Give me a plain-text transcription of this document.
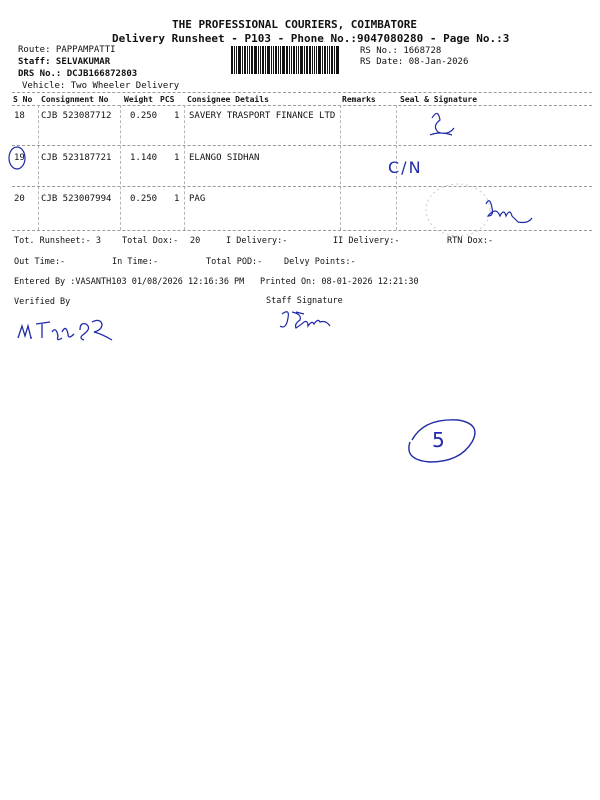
THE PROFESSIONAL COURIERS, COIMBATORE
Delivery Runsheet - P103 - Phone No.:9047080280 - Page No.:3
Route: PAPPAMPATTI
Staff: SELVAKUMAR
DRS No.: DCJB166872803
Vehicle: Two Wheeler Delivery
RS No.: 1668728
RS Date: 08-Jan-2026
S No Consignment No Weight PCS Consignee Details	Remarks	Seal & Signature
18 CJB 523087712 0.250 1 SAVERY TRASPORT FINANCE LTD
19 CJB 523187721 1.140 1 ELANGO SIDHAN
20 CJB 523007994 0.250 1 PAG
Tot. Runsheet:- 3 Total Dox:- 20	I Delivery:-	II Delivery:-	RTN Dox:-
Out Time:-	In Time:-	Total POD:-	Delvy Points:-
Entered By :VASANTH103 01/08/2026 12:16:36 PM Printed On: 08-01-2026 12:21:30
Verified By	Staff Signature
C/N
5
